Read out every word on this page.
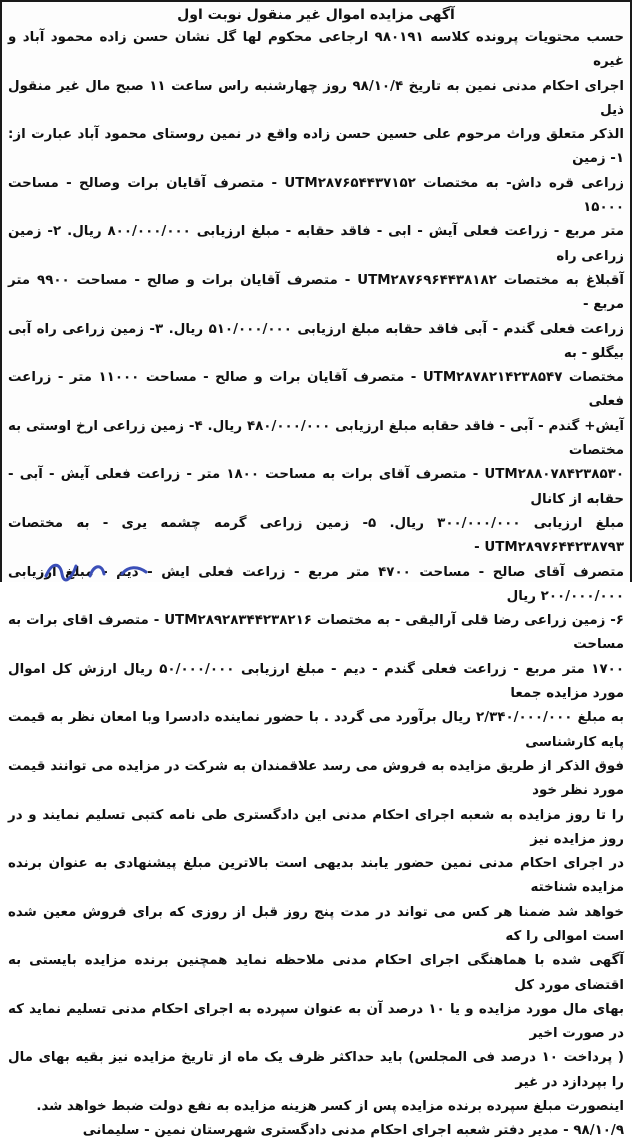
آگهی مزایده اموال غیر منقول نوبت اول
حسب محتویات پرونده کلاسه ۹۸۰۱۹۱ ارجاعی محکوم لها گل نشان حسن زاده محمود آباد و غیره
اجرای احکام مدنی نمین به تاریخ ۹۸/۱۰/۴ روز چهارشنبه راس ساعت ۱۱ صبح مال غیر منقول ذیل
الذکر متعلق وراث مرحوم علی حسین حسن زاده واقع در نمین روستای محمود آباد عبارت از: ۱- زمین
زراعی قره داش- به مختصات UTM۲۸۷۶۵۴۴۳۷۱۵۲ - متصرف آقایان برات وصالح - مساحت ۱۵۰۰۰
متر مربع - زراعت فعلی آیش - ابی - فاقد حقابه - مبلغ ارزیابی ۸۰۰/۰۰۰/۰۰۰ ریال. ۲- زمین زراعی راه
آقبلاغ به مختصات UTM۲۸۷۶۹۶۴۴۳۸۱۸۲ - متصرف آقایان برات و صالح - مساحت ۹۹۰۰ متر مربع -
زراعت فعلی گندم - آبی فاقد حقابه مبلغ ارزیابی ۵۱۰/۰۰۰/۰۰۰ ریال. ۳- زمین زراعی راه آبی بیگلو - به
مختصات UTM۲۸۷۸۲۱۴۲۳۸۵۴۷ - متصرف آقایان برات و صالح - مساحت ۱۱۰۰۰ متر - زراعت فعلی
آیش+ گندم - آبی - فاقد حقابه مبلغ ارزیابی ۴۸۰/۰۰۰/۰۰۰ ریال. ۴- زمین زراعی ارخ اوستی به مختصات
UTM۲۸۸۰۷۸۴۲۳۸۵۳۰ - متصرف آقای برات به مساحت ۱۸۰۰ متر - زراعت فعلی آیش - آبی - حقابه از کانال
مبلغ ارزیابی ۳۰۰/۰۰۰/۰۰۰ ریال. ۵- زمین زراعی گرمه چشمه یری - به مختصات UTM۲۸۹۷۶۴۴۲۳۸۷۹۳ -
متصرف آقای صالح - مساحت ۴۷۰۰ متر مربع - زراعت فعلی ایش - دیم - مبلغ ارزیابی ۲۰۰/۰۰۰/۰۰۰ ریال
۶- زمین زراعی رضا قلی آرالیقی - به مختصات UTM۲۸۹۲۸۳۴۴۲۳۸۲۱۶ - متصرف اقای برات به مساحت
۱۷۰۰ متر مربع - زراعت فعلی گندم - دیم - مبلغ ارزیابی ۵۰/۰۰۰/۰۰۰ ریال ارزش کل اموال مورد مزایده جمعا
به مبلغ ۲/۳۴۰/۰۰۰/۰۰۰ ریال برآورد می گردد . با حضور نماینده دادسرا وبا امعان نظر به قیمت پایه کارشناسی
فوق الذکر از طریق مزایده به فروش می رسد علاقمندان به شرکت در مزایده می توانند قیمت مورد نظر خود
را تا روز مزایده به شعبه اجرای احکام مدنی این دادگستری طی نامه کتبی تسلیم نمایند و در روز مزایده نیز
در اجرای احکام مدنی نمین حضور یابند بدیهی است بالاترین مبلغ پیشنهادی به عنوان برنده مزایده شناخته
خواهد شد ضمنا هر کس می تواند در مدت پنج روز قبل از روزی که برای فروش معین شده است اموالی را که
آگهی شده با هماهنگی اجرای احکام مدنی ملاحظه نماید همچنین برنده مزایده بایستی به اقتضای مورد کل
بهای مال مورد مزایده و یا ۱۰ درصد آن به عنوان سپرده به اجرای احکام مدنی تسلیم نماید که در صورت اخیر
( پرداخت ۱۰ درصد فی المجلس) باید حداکثر ظرف یک ماه از تاریخ مزایده نیز بقیه بهای مال را بپردازد در غیر
اینصورت مبلغ سپرده برنده مزایده پس از کسر هزینه مزایده به نفع دولت ضبط خواهد شد.
۹۸/۱۰/۹ - مدیر دفتر شعبه اجرای احکام مدنی دادگستری شهرستان نمین - سلیمانی
